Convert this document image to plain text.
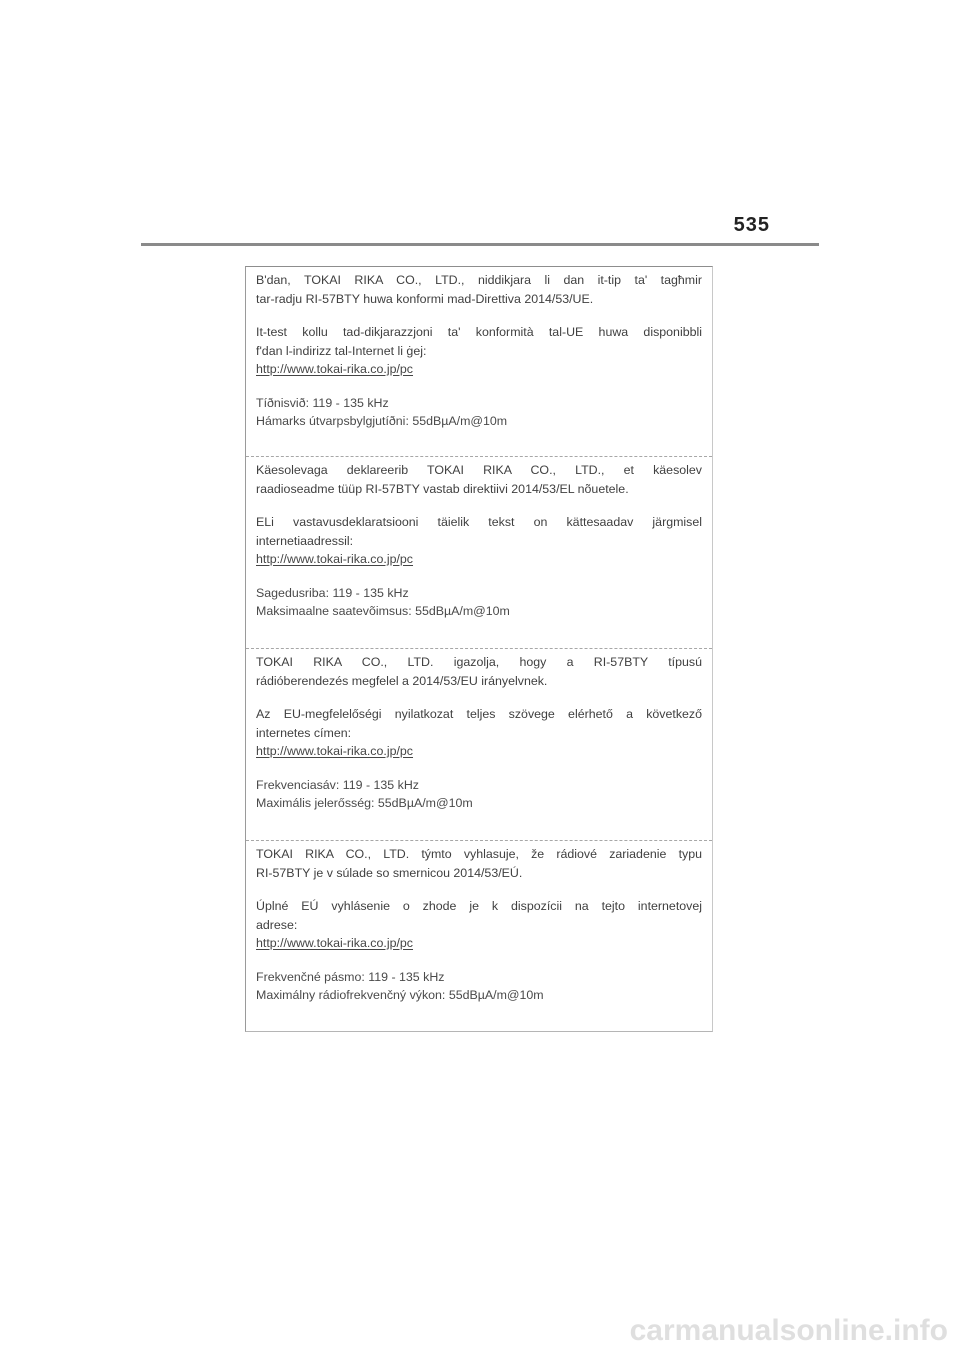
535
B'dan, TOKAI RIKA CO., LTD., niddikjara li dan it-tip ta' tagħmir
tar-radju RI-57BTY huwa konformi mad-Direttiva 2014/53/UE.
It-test kollu tad-dikjarazzjoni ta' konformità tal-UE huwa disponibbli
f'dan l-indirizz tal-Internet li ġej:
http://www.tokai-rika.co.jp/pc
Tíðnisvið: 119 - 135 kHz
Hámarks útvarpsbylgjutíðni: 55dBµA/m@10m
Käesolevaga deklareerib TOKAI RIKA CO., LTD., et käesolev
raadioseadme tüüp RI-57BTY vastab direktiivi 2014/53/EL nõuetele.
ELi vastavusdeklaratsiooni täielik tekst on kättesaadav järgmisel
internetiaadressil:
http://www.tokai-rika.co.jp/pc
Sagedusriba: 119 - 135 kHz
Maksimaalne saatevõimsus: 55dBµA/m@10m
TOKAI RIKA CO., LTD. igazolja, hogy a RI-57BTY típusú
rádióberendezés megfelel a 2014/53/EU irányelvnek.
Az EU-megfelelőségi nyilatkozat teljes szövege elérhető a következő
internetes címen:
http://www.tokai-rika.co.jp/pc
Frekvenciasáv: 119 - 135 kHz
Maximális jelerősség: 55dBµA/m@10m
TOKAI RIKA CO., LTD. týmto vyhlasuje, že rádiové zariadenie typu
RI-57BTY je v súlade so smernicou 2014/53/EÚ.
Úplné EÚ vyhlásenie o zhode je k dispozícii na tejto internetovej
adrese:
http://www.tokai-rika.co.jp/pc
Frekvenčné pásmo: 119 - 135 kHz
Maximálny rádiofrekvenčný výkon: 55dBµA/m@10m
carmanualsonline.info
